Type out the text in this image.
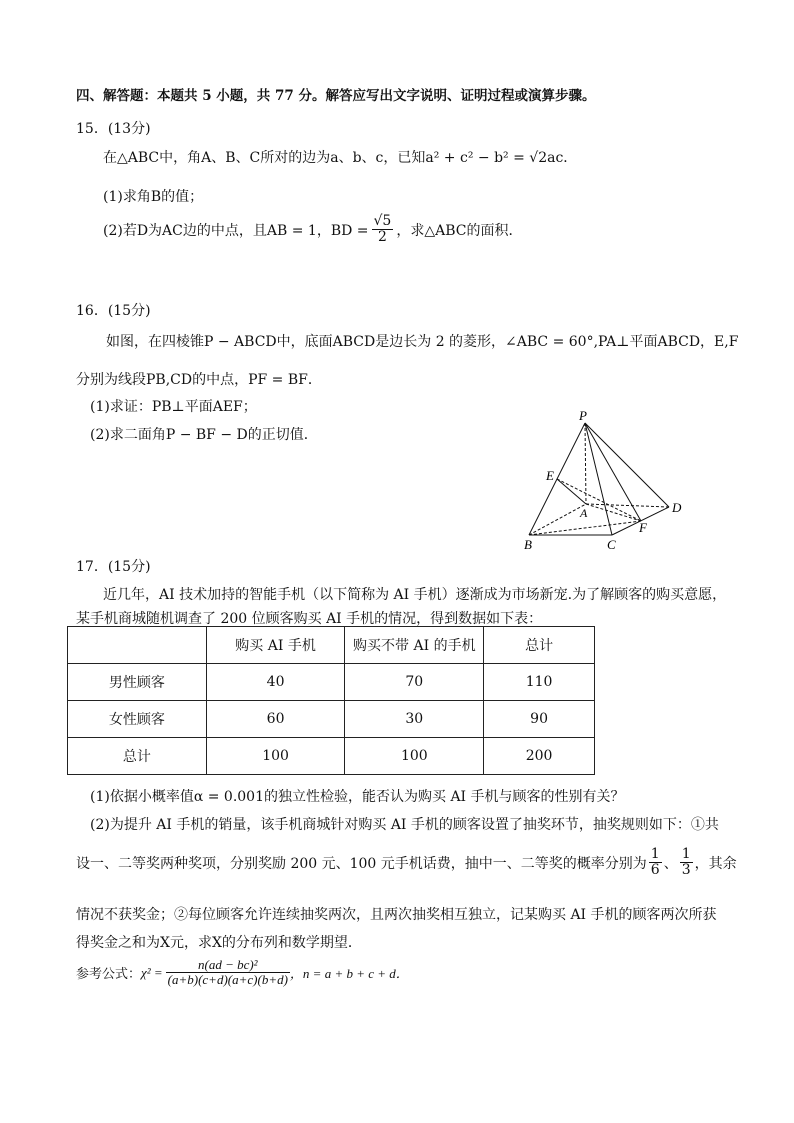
四、解答题：本题共 5 小题，共 77 分。解答应写出文字说明、证明过程或演算步骤。
15．(13分)
在△ABC中，角A、B、C所对的边为a、b、c，已知a² + c² − b² = √2ac．
(1)求角B的值；
(2)若D为AC边的中点，且AB = 1，BD = $\frac{√5}{2}$ ，求△ABC的面积．
16．(15分)
如图，在四棱锥P − ABCD中，底面ABCD是边长为 2 的菱形，∠ABC = 60°,PA⊥平面ABCD，E,F
分别为线段PB,CD的中点，PF = BF．
(1)求证：PB⊥平面AEF；
(2)求二面角P − BF − D的正切值．
P
E
A	D
F
B	C
17．(15分)
近几年，AI 技术加持的智能手机（以下简称为 AI 手机）逐渐成为市场新宠.为了解顾客的购买意愿，
某手机商城随机调查了 200 位顾客购买 AI 手机的情况，得到数据如下表：
	购买 AI 手机	购买不带 AI 的手机	总计
男性顾客	40	70	110
女性顾客	60	30	90
总计	100	100	200
(1)依据小概率值α = 0.001的独立性检验，能否认为购买 AI 手机与顾客的性别有关？
(2)为提升 AI 手机的销量，该手机商城针对购买 AI 手机的顾客设置了抽奖环节，抽奖规则如下：①共
设一、二等奖两种奖项，分别奖励 200 元、100 元手机话费，抽中一、二等奖的概率分别为 $\frac{1}{6}$ 、 $\frac{1}{3}$ ，其余
情况不获奖金；②每位顾客允许连续抽奖两次，且两次抽奖相互独立，记某购买 AI 手机的顾客两次所获
得奖金之和为X元，求X的分布列和数学期望．
参考公式： $\chi^2 = \frac{\text{n(ad − bc)²}}{(a+b)(c+d)(a+c)(b+d)}$ ，n = a + b + c + d．
